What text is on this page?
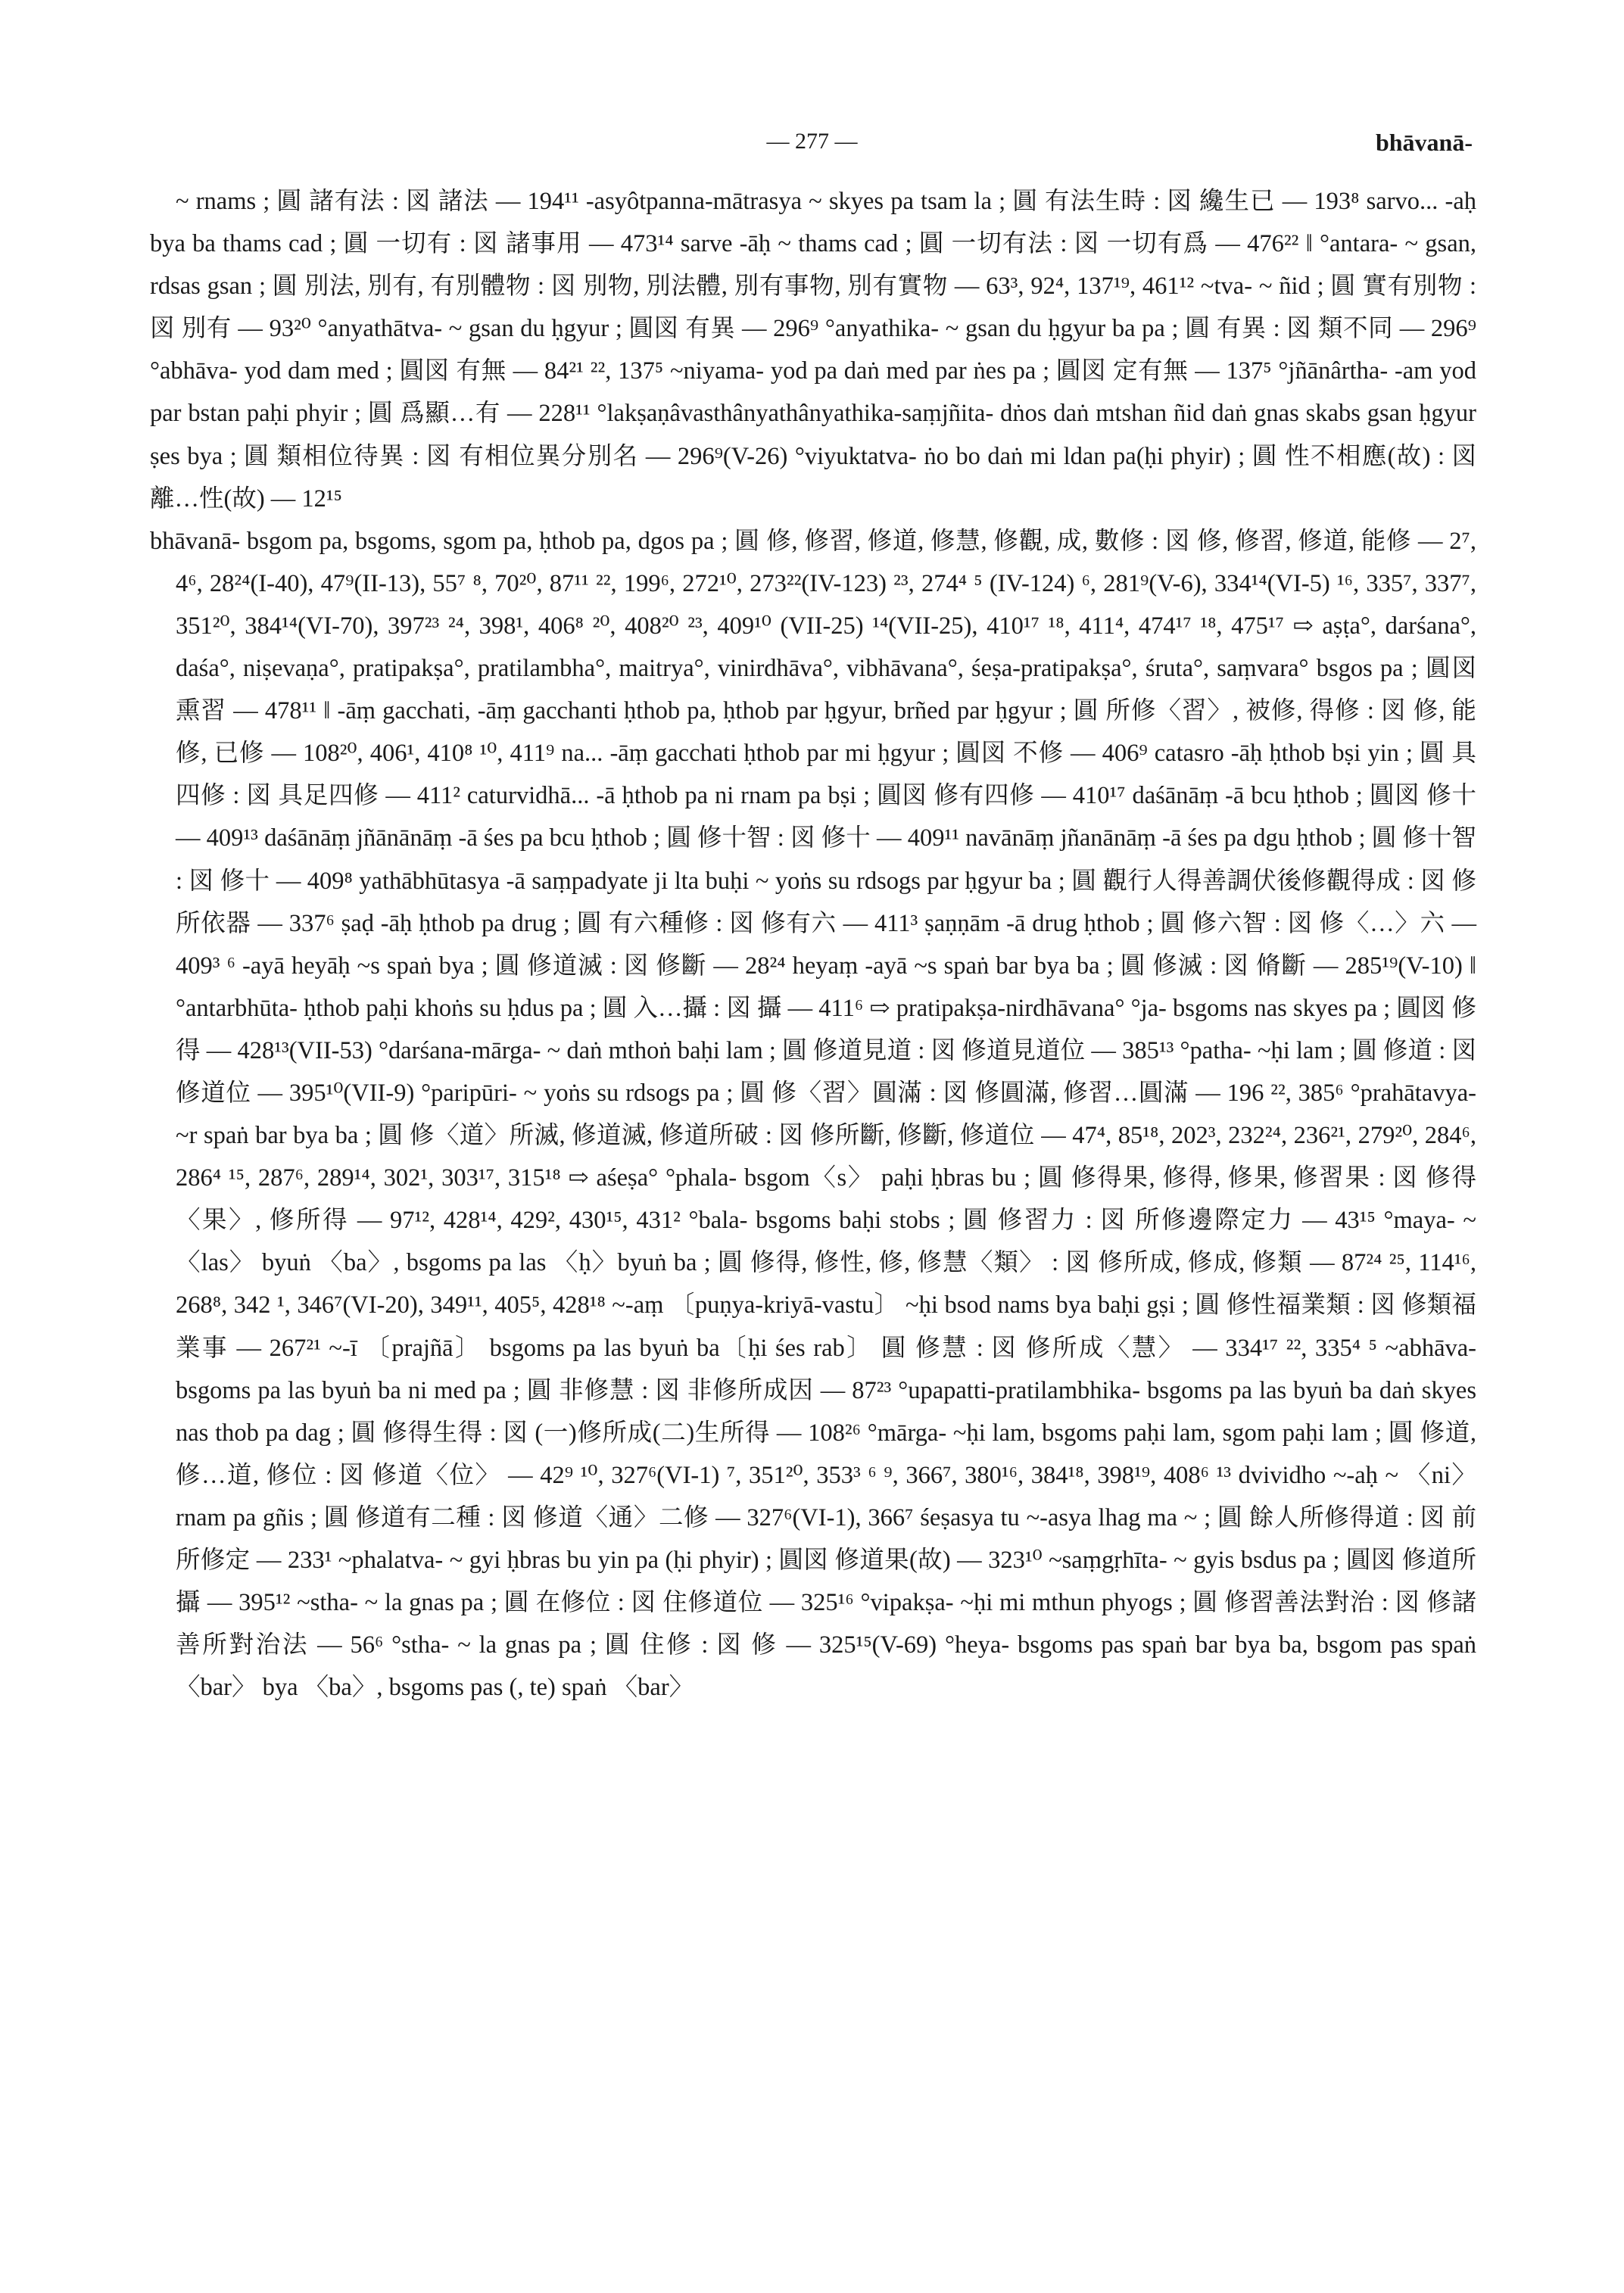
— 277 —	bhāvanā-

~ rnams ; 圓 諸有法 : 図 諸法 — 194¹¹ -asyôtpanna-mātrasya ~ skyes pa tsam la ; 圓 有法生時 : 図 纔生已 — 193⁸ sarvo... -aḥ bya ba thams cad ; 圓 一切有 : 図 諸事用 — 473¹⁴ sarve -āḥ ~ thams cad ; 圓 一切有法 : 図 一切有爲 — 476²² ‖ °antara- ~ gsan, rdsas gsan ; 圓 別法, 別有, 有別體物 : 図 別物, 別法體, 別有事物, 別有實物 — 63³, 92⁴, 137¹⁹, 461¹² ~tva- ~ ñid ; 圓 實有別物 : 図 別有 — 93²⁰ °anyathātva- ~ gsan du ḥgyur ; 圓図 有異 — 296⁹ °anyathika- ~ gsan du ḥgyur ba pa ; 圓 有異 : 図 類不同 — 296⁹ °abhāva- yod dam med ; 圓図 有無 — 84²¹ ²², 137⁵ ~niyama- yod pa daṅ med par ṅes pa ; 圓図 定有無 — 137⁵ °jñānârtha- -am yod par bstan paḥi phyir ; 圓 爲顯…有 — 228¹¹ °lakṣaṇâvasthânyathânyathika-saṃjñita- dṅos daṅ mtshan ñid daṅ gnas skabs gsan ḥgyur ṣes bya ; 圓 類相位待異 : 図 有相位異分別名 — 296⁹(V-26) °viyuktatva- ṅo bo daṅ mi ldan pa(ḥi phyir) ; 圓 性不相應(故) : 図 離…性(故) — 12¹⁵

bhāvanā- bsgom pa, bsgoms, sgom pa, ḥthob pa, dgos pa ; 圓 修, 修習, 修道, 修慧, 修觀, 成, 數修 : 図 修, 修習, 修道, 能修 — 2⁷, 4⁶, 28²⁴(I-40), 47⁹(II-13), 55⁷ ⁸, 70²⁰, 87¹¹ ²², 199⁶, 272¹⁰, 273²²(IV-123) ²³, 274⁴ ⁵ (IV-124) ⁶, 281⁹(V-6), 334¹⁴(VI-5) ¹⁶, 335⁷, 337⁷, 351²⁰, 384¹⁴(VI-70), 397²³ ²⁴, 398¹, 406⁸ ²⁰, 408²⁰ ²³, 409¹⁰ (VII-25) ¹⁴(VII-25), 410¹⁷ ¹⁸, 411⁴, 474¹⁷ ¹⁸, 475¹⁷ ⇨ aṣṭa°, darśana°, daśa°, niṣevaṇa°, pratipakṣa°, pratilambha°, maitrya°, vinirdhāva°, vibhāvana°, śeṣa-pratipakṣa°, śruta°, saṃvara° bsgos pa ; 圓図 熏習 — 478¹¹ ‖ -āṃ gacchati, -āṃ gacchanti ḥthob pa, ḥthob par ḥgyur, brñed par ḥgyur ; 圓 所修〈習〉, 被修, 得修 : 図 修, 能修, 已修 — 108²⁰, 406¹, 410⁸ ¹⁰, 411⁹ na... -āṃ gacchati ḥthob par mi ḥgyur ; 圓図 不修 — 406⁹ catasro -āḥ ḥthob bṣi yin ; 圓 具四修 : 図 具足四修 — 411² caturvidhā... -ā ḥthob pa ni rnam pa bṣi ; 圓図 修有四修 — 410¹⁷ daśānāṃ -ā bcu ḥthob ; 圓図 修十 — 409¹³ daśānāṃ jñānānāṃ -ā śes pa bcu ḥthob ; 圓 修十智 : 図 修十 — 409¹¹ navānāṃ jñanānāṃ -ā śes pa dgu ḥthob ; 圓 修十智 : 図 修十 — 409⁸ yathābhūtasya -ā saṃpadyate ji lta buḥi ~ yoṅs su rdsogs par ḥgyur ba ; 圓 觀行人得善調伏後修觀得成 : 図 修所依器 — 337⁶ ṣaḍ -āḥ ḥthob pa drug ; 圓 有六種修 : 図 修有六 — 411³ ṣaṇṇām -ā drug ḥthob ; 圓 修六智 : 図 修〈…〉六 — 409³ ⁶ -ayā heyāḥ ~s spaṅ bya ; 圓 修道滅 : 図 修斷 — 28²⁴ heyaṃ -ayā ~s spaṅ bar bya ba ; 圓 修滅 : 図 脩斷 — 285¹⁹(V-10) ‖ °antarbhūta- ḥthob paḥi khoṅs su ḥdus pa ; 圓 入…攝 : 図 攝 — 411⁶ ⇨ pratipakṣa-nirdhāvana° °ja- bsgoms nas skyes pa ; 圓図 修得 — 428¹³(VII-53) °darśana-mārga- ~ daṅ mthoṅ baḥi lam ; 圓 修道見道 : 図 修道見道位 — 385¹³ °patha- ~ḥi lam ; 圓 修道 : 図 修道位 — 395¹⁰(VII-9) °paripūri- ~ yoṅs su rdsogs pa ; 圓 修〈習〉圓滿 : 図 修圓滿, 修習…圓滿 — 196 ²², 385⁶ °prahātavya- ~r spaṅ bar bya ba ; 圓 修〈道〉所滅, 修道滅, 修道所破 : 図 修所斷, 修斷, 修道位 — 47⁴, 85¹⁸, 202³, 232²⁴, 236²¹, 279²⁰, 284⁶, 286⁴ ¹⁵, 287⁶, 289¹⁴, 302¹, 303¹⁷, 315¹⁸ ⇨ aśeṣa° °phala- bsgom〈s〉 paḥi ḥbras bu ; 圓 修得果, 修得, 修果, 修習果 : 図 修得〈果〉, 修所得 — 97¹², 428¹⁴, 429², 430¹⁵, 431² °bala- bsgoms baḥi stobs ; 圓 修習力 : 図 所修邊際定力 — 43¹⁵ °maya- ~ 〈las〉 byuṅ 〈ba〉, bsgoms pa las 〈ḥ〉byuṅ ba ; 圓 修得, 修性, 修, 修慧〈類〉 : 図 修所成, 修成, 修類 — 87²⁴ ²⁵, 114¹⁶, 268⁸, 342 ¹, 346⁷(VI-20), 349¹¹, 405⁵, 428¹⁸ ~-aṃ 〔puṇya-kriyā-vastu〕 ~ḥi bsod nams bya baḥi gṣi ; 圓 修性福業類 : 図 修類福業事 — 267²¹ ~-ī 〔prajñā〕 bsgoms pa las byuṅ ba〔ḥi śes rab〕 圓 修慧 : 図 修所成〈慧〉 — 334¹⁷ ²², 335⁴ ⁵ ~abhāva- bsgoms pa las byuṅ ba ni med pa ; 圓 非修慧 : 図 非修所成因 — 87²³ °upapatti-pratilambhika- bsgoms pa las byuṅ ba daṅ skyes nas thob pa dag ; 圓 修得生得 : 図 (一)修所成(二)生所得 — 108²⁶ °mārga- ~ḥi lam, bsgoms paḥi lam, sgom paḥi lam ; 圓 修道, 修…道, 修位 : 図 修道〈位〉 — 42⁹ ¹⁰, 327⁶(VI-1) ⁷, 351²⁰, 353³ ⁶ ⁹, 366⁷, 380¹⁶, 384¹⁸, 398¹⁹, 408⁶ ¹³ dvividho ~-aḥ ~ 〈ni〉 rnam pa gñis ; 圓 修道有二種 : 図 修道〈通〉二修 — 327⁶(VI-1), 366⁷ śeṣasya tu ~-asya lhag ma ~ ; 圓 餘人所修得道 : 図 前所修定 — 233¹ ~phalatva- ~ gyi ḥbras bu yin pa (ḥi phyir) ; 圓図 修道果(故) — 323¹⁰ ~saṃgṛhīta- ~ gyis bsdus pa ; 圓図 修道所攝 — 395¹² ~stha- ~ la gnas pa ; 圓 在修位 : 図 住修道位 — 325¹⁶ °vipakṣa- ~ḥi mi mthun phyogs ; 圓 修習善法對治 : 図 修諸善所對治法 — 56⁶ °stha- ~ la gnas pa ; 圓 住修 : 図 修 — 325¹⁵(V-69) °heya- bsgoms pas spaṅ bar bya ba, bsgom pas spaṅ 〈bar〉 bya 〈ba〉, bsgoms pas (, te) spaṅ 〈bar〉
